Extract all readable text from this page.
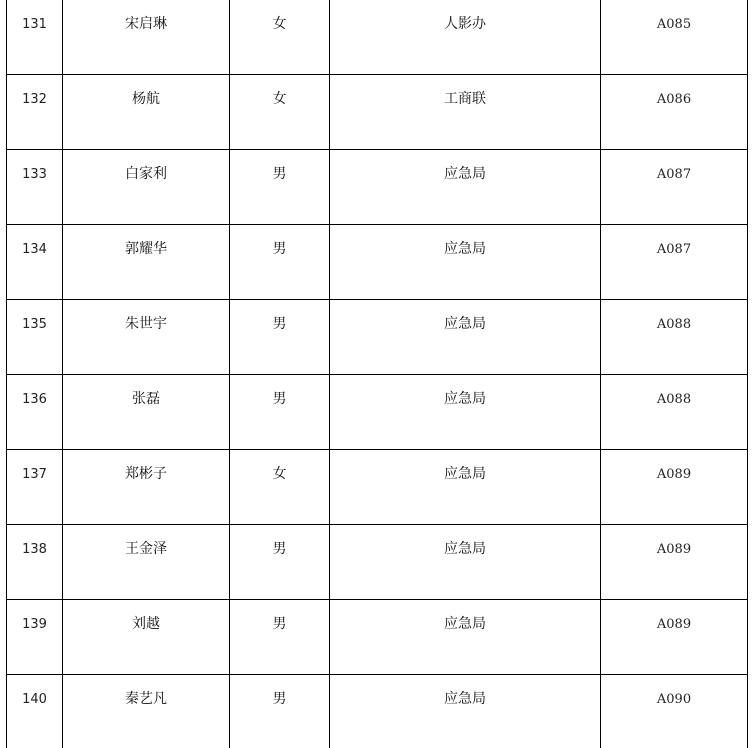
131	宋启琳	女	人影办	A085

132	杨航	女	工商联	A086

133	白家利	男	应急局	A087

134	郭耀华	男	应急局	A087

135	朱世宇	男	应急局	A088

136	张磊	男	应急局	A088

137	郑彬子	女	应急局	A089

138	王金泽	男	应急局	A089

139	刘越	男	应急局	A089

140	秦艺凡	男	应急局	A090
